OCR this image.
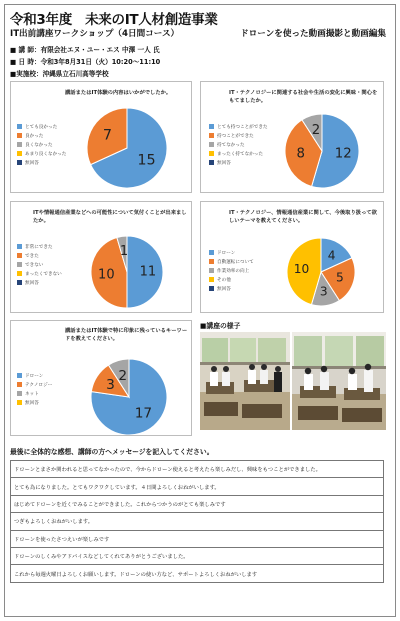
令和3年度　未来のIT人材創造事業
IT出前講座ワークショップ（4日間コース）	ドローンを使った動画撮影と動画編集
■ 講 師：有限会社エヌ・ユー・エス 中澤 一人 氏
■ 日 時：令和3年8月31日（火）10:20～11:10
■実施校：沖縄県立石川高等学校
講話またはIT体験の内容はいかがでしたか。
とても良かった
良かった
良くなかった
あまり良くなかった
無回答	15
7
IT・テクノロジーに関連する社会や生活の変化に興味・関心をもてましたか。
とても持つことができた
持つことができた
持てなかった
まったく持てなかった
無回答
12
8
2
ITや情報通信産業などへの可能性について気付くことが出来ましたか。
非常にできた
できた
できない
まったくできない
無回答
11
10
1
IT・テクノロジー、情報通信産業に関して、今後取り扱って欲しいテーマを教えてください。
ドローン
自動運転について
作業効率の向上
その他
無回答
4
5
3
10
講話またはIT体験で特に印象に残っているキーワードを教えてください。
ドローン
テクノロジー
ネット
無回答
17
3
2
■講座の様子
最後に全体的な感想、講師の方へメッセージを記入してください。
ドローンとまさか関われると思ってなかったので、今からドローン使えると考えたら楽しみだし、興味をもつことができました。
とても為になりました。とてもワクワクしています。４日間よろしくおねがいします。
はじめてドローンを近くでみることができました。これからつかうのがとても楽しみです
つぎもよろしくおねがいします。
ドローンを使ったさつえいが楽しみです
ドローンのしくみやアドバイスなどしてくれてありがとうございました。
これから毎週火曜日よろしくお願いします。ドローンの使い方など、サポートよろしくおねがいします
